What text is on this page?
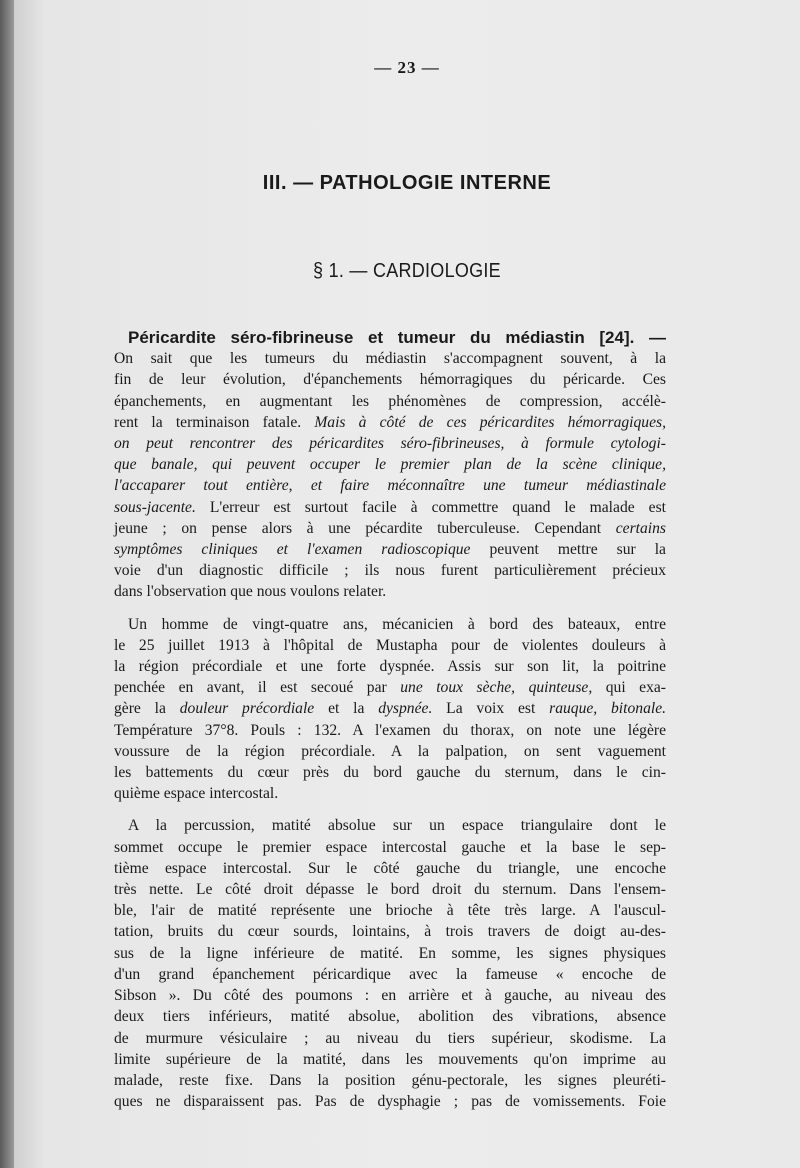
— 23 —
III. — PATHOLOGIE INTERNE
§ 1. — CARDIOLOGIE
Péricardite séro-fibrineuse et tumeur du médiastin [24]. —
On sait que les tumeurs du médiastin s'accompagnent souvent, à la
fin de leur évolution, d'épanchements hémorragiques du péricarde. Ces
épanchements, en augmentant les phénomènes de compression, accélè-
rent la terminaison fatale. Mais à côté de ces péricardites hémorragiques,
on peut rencontrer des péricardites séro-fibrineuses, à formule cytologi-
que banale, qui peuvent occuper le premier plan de la scène clinique,
l'accaparer tout entière, et faire méconnaître une tumeur médiastinale
sous-jacente. L'erreur est surtout facile à commettre quand le malade est
jeune ; on pense alors à une pécardite tuberculeuse. Cependant certains
symptômes cliniques et l'examen radioscopique peuvent mettre sur la
voie d'un diagnostic difficile ; ils nous furent particulièrement précieux
dans l'observation que nous voulons relater.
Un homme de vingt-quatre ans, mécanicien à bord des bateaux, entre
le 25 juillet 1913 à l'hôpital de Mustapha pour de violentes douleurs à
la région précordiale et une forte dyspnée. Assis sur son lit, la poitrine
penchée en avant, il est secoué par une toux sèche, quinteuse, qui exa-
gère la douleur précordiale et la dyspnée. La voix est rauque, bitonale.
Température 37°8. Pouls : 132. A l'examen du thorax, on note une légère
voussure de la région précordiale. A la palpation, on sent vaguement
les battements du cœur près du bord gauche du sternum, dans le cin-
quième espace intercostal.
A la percussion, matité absolue sur un espace triangulaire dont le
sommet occupe le premier espace intercostal gauche et la base le sep-
tième espace intercostal. Sur le côté gauche du triangle, une encoche
très nette. Le côté droit dépasse le bord droit du sternum. Dans l'ensem-
ble, l'air de matité représente une brioche à tête très large. A l'auscul-
tation, bruits du cœur sourds, lointains, à trois travers de doigt au-des-
sus de la ligne inférieure de matité. En somme, les signes physiques
d'un grand épanchement péricardique avec la fameuse « encoche de
Sibson ». Du côté des poumons : en arrière et à gauche, au niveau des
deux tiers inférieurs, matité absolue, abolition des vibrations, absence
de murmure vésiculaire ; au niveau du tiers supérieur, skodisme. La
limite supérieure de la matité, dans les mouvements qu'on imprime au
malade, reste fixe. Dans la position génu-pectorale, les signes pleuréti-
ques ne disparaissent pas. Pas de dysphagie ; pas de vomissements. Foie
